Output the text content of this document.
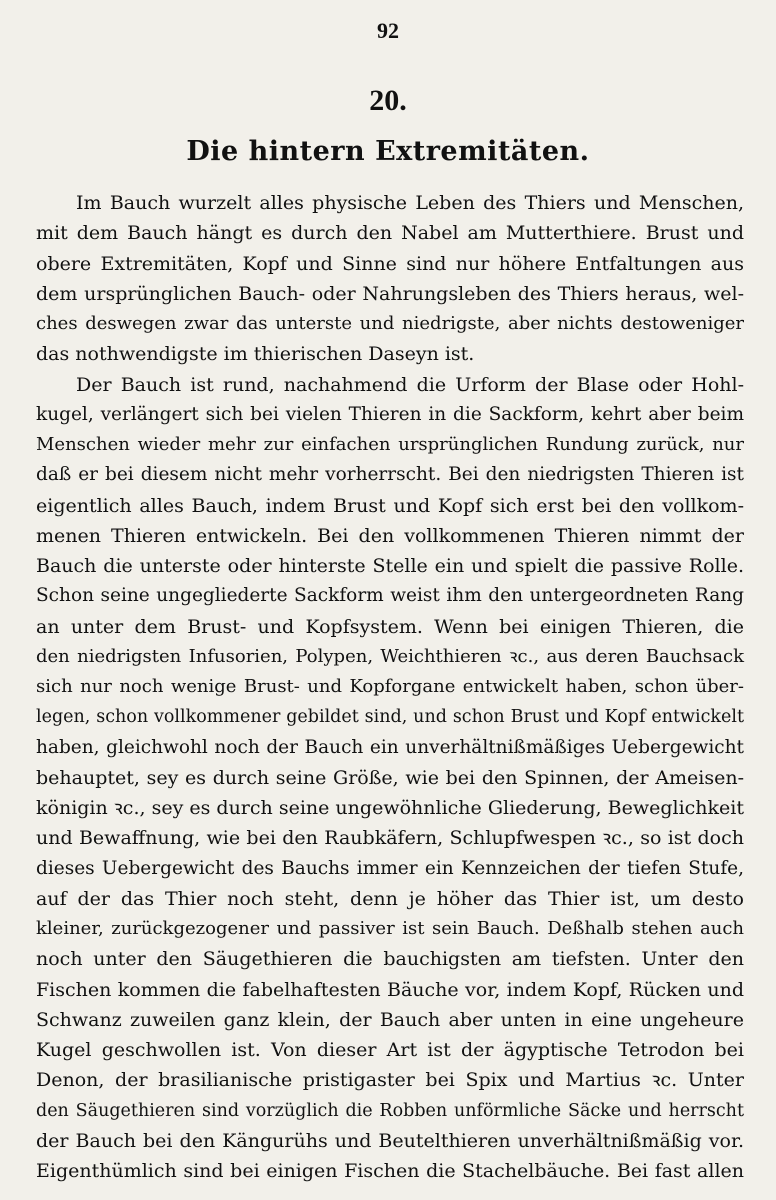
92
20.
Die hintern Extremitäten.
Im Bauch wurzelt alles physische Leben des Thiers und Menschen,
mit dem Bauch hängt es durch den Nabel am Mutterthiere. Brust und
obere Extremitäten, Kopf und Sinne sind nur höhere Entfaltungen aus
dem ursprünglichen Bauch- oder Nahrungsleben des Thiers heraus, wel-
ches deswegen zwar das unterste und niedrigste, aber nichts destoweniger
das nothwendigste im thierischen Daseyn ist.
Der Bauch ist rund, nachahmend die Urform der Blase oder Hohl-
kugel, verlängert sich bei vielen Thieren in die Sackform, kehrt aber beim
Menschen wieder mehr zur einfachen ursprünglichen Rundung zurück, nur
daß er bei diesem nicht mehr vorherrscht. Bei den niedrigsten Thieren ist
eigentlich alles Bauch, indem Brust und Kopf sich erst bei den vollkom-
menen Thieren entwickeln. Bei den vollkommenen Thieren nimmt der
Bauch die unterste oder hinterste Stelle ein und spielt die passive Rolle.
Schon seine ungegliederte Sackform weist ihm den untergeordneten Rang
an unter dem Brust- und Kopfsystem. Wenn bei einigen Thieren, die
den niedrigsten Infusorien, Polypen, Weichthieren ꝛc., aus deren Bauchsack
sich nur noch wenige Brust- und Kopforgane entwickelt haben, schon über-
legen, schon vollkommener gebildet sind, und schon Brust und Kopf entwickelt
haben, gleichwohl noch der Bauch ein unverhältnißmäßiges Uebergewicht
behauptet, sey es durch seine Größe, wie bei den Spinnen, der Ameisen-
königin ꝛc., sey es durch seine ungewöhnliche Gliederung, Beweglichkeit
und Bewaffnung, wie bei den Raubkäfern, Schlupfwespen ꝛc., so ist doch
dieses Uebergewicht des Bauchs immer ein Kennzeichen der tiefen Stufe,
auf der das Thier noch steht, denn je höher das Thier ist, um desto
kleiner, zurückgezogener und passiver ist sein Bauch. Deßhalb stehen auch
noch unter den Säugethieren die bauchigsten am tiefsten. Unter den
Fischen kommen die fabelhaftesten Bäuche vor, indem Kopf, Rücken und
Schwanz zuweilen ganz klein, der Bauch aber unten in eine ungeheure
Kugel geschwollen ist. Von dieser Art ist der ägyptische Tetrodon bei
Denon, der brasilianische pristigaster bei Spix und Martius ꝛc. Unter
den Säugethieren sind vorzüglich die Robben unförmliche Säcke und herrscht
der Bauch bei den Kängurühs und Beutelthieren unverhältnißmäßig vor.
Eigenthümlich sind bei einigen Fischen die Stachelbäuche. Bei fast allen
